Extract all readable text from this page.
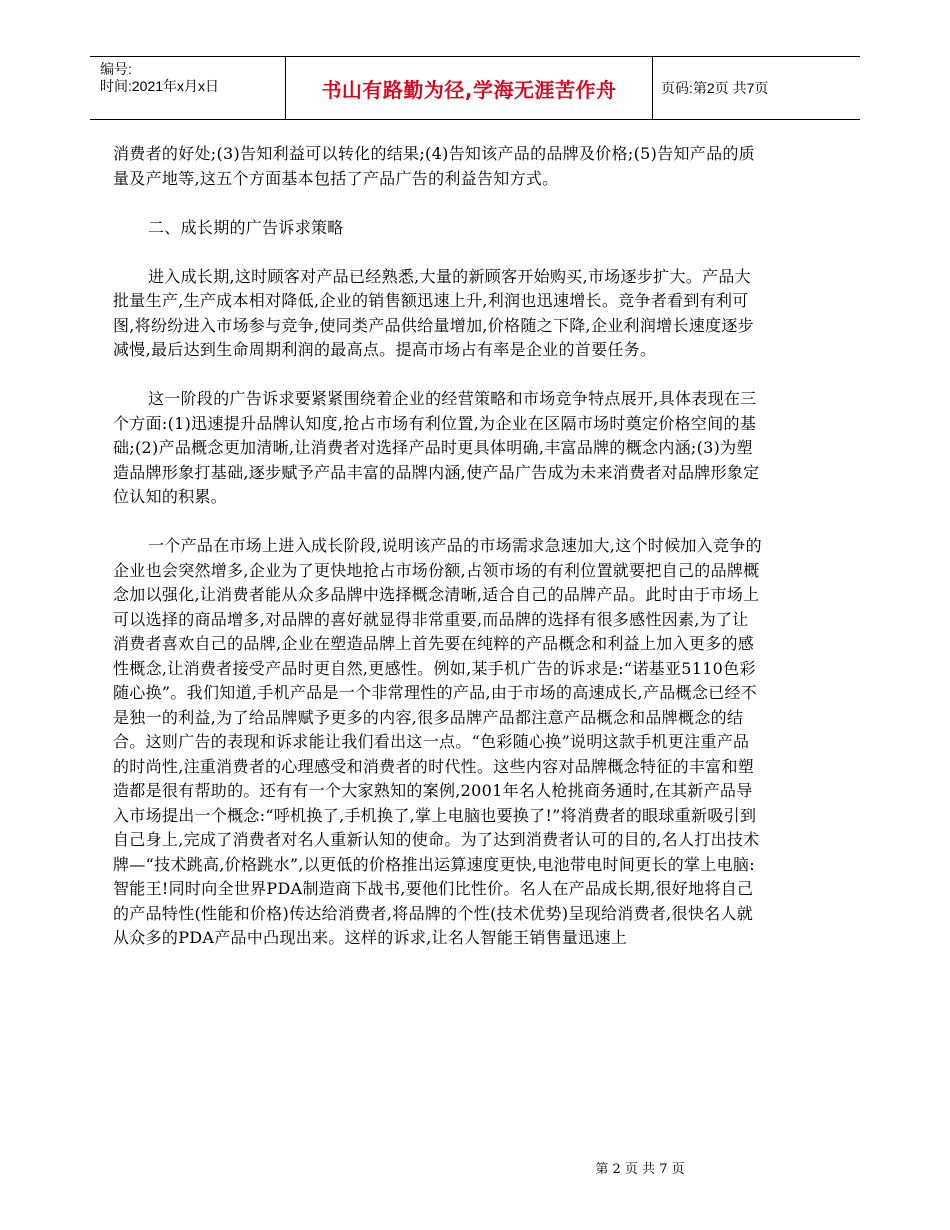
编号:
时间:2021年x月x日	书山有路勤为径,学海无涯苦作舟	页码:第2页 共7页

消费者的好处;(3)告知利益可以转化的结果;(4)告知该产品的品牌及价格;(5)告知产品的质量及产地等,这五个方面基本包括了产品广告的利益告知方式。

二、成长期的广告诉求策略

进入成长期,这时顾客对产品已经熟悉,大量的新顾客开始购买,市场逐步扩大。产品大批量生产,生产成本相对降低,企业的销售额迅速上升,利润也迅速增长。竞争者看到有利可图,将纷纷进入市场参与竞争,使同类产品供给量增加,价格随之下降,企业利润增长速度逐步减慢,最后达到生命周期利润的最高点。提高市场占有率是企业的首要任务。

这一阶段的广告诉求要紧紧围绕着企业的经营策略和市场竞争特点展开,具体表现在三个方面:(1)迅速提升品牌认知度,抢占市场有利位置,为企业在区隔市场时奠定价格空间的基础;(2)产品概念更加清晰,让消费者对选择产品时更具体明确,丰富品牌的概念内涵;(3)为塑造品牌形象打基础,逐步赋予产品丰富的品牌内涵,使产品广告成为未来消费者对品牌形象定位认知的积累。

一个产品在市场上进入成长阶段,说明该产品的市场需求急速加大,这个时候加入竞争的企业也会突然增多,企业为了更快地抢占市场份额,占领市场的有利位置就要把自己的品牌概念加以强化,让消费者能从众多品牌中选择概念清晰,适合自己的品牌产品。此时由于市场上可以选择的商品增多,对品牌的喜好就显得非常重要,而品牌的选择有很多感性因素,为了让消费者喜欢自己的品牌,企业在塑造品牌上首先要在纯粹的产品概念和利益上加入更多的感性概念,让消费者接受产品时更自然,更感性。例如,某手机广告的诉求是:“诺基亚5110色彩随心换”。我们知道,手机产品是一个非常理性的产品,由于市场的高速成长,产品概念已经不是独一的利益,为了给品牌赋予更多的内容,很多品牌产品都注意产品概念和品牌概念的结合。这则广告的表现和诉求能让我们看出这一点。“色彩随心换”说明这款手机更注重产品的时尚性,注重消费者的心理感受和消费者的时代性。这些内容对品牌概念特征的丰富和塑造都是很有帮助的。还有有一个大家熟知的案例,2001年名人枪挑商务通时,在其新产品导入市场提出一个概念:“呼机换了,手机换了,掌上电脑也要换了!”将消费者的眼球重新吸引到自己身上,完成了消费者对名人重新认知的使命。为了达到消费者认可的目的,名人打出技术牌—“技术跳高,价格跳水”,以更低的价格推出运算速度更快,电池带电时间更长的掌上电脑:智能王!同时向全世界PDA制造商下战书,要他们比性价。名人在产品成长期,很好地将自己的产品特性(性能和价格)传达给消费者,将品牌的个性(技术优势)呈现给消费者,很快名人就从众多的PDA产品中凸现出来。这样的诉求,让名人智能王销售量迅速上

第 2 页 共 7 页
